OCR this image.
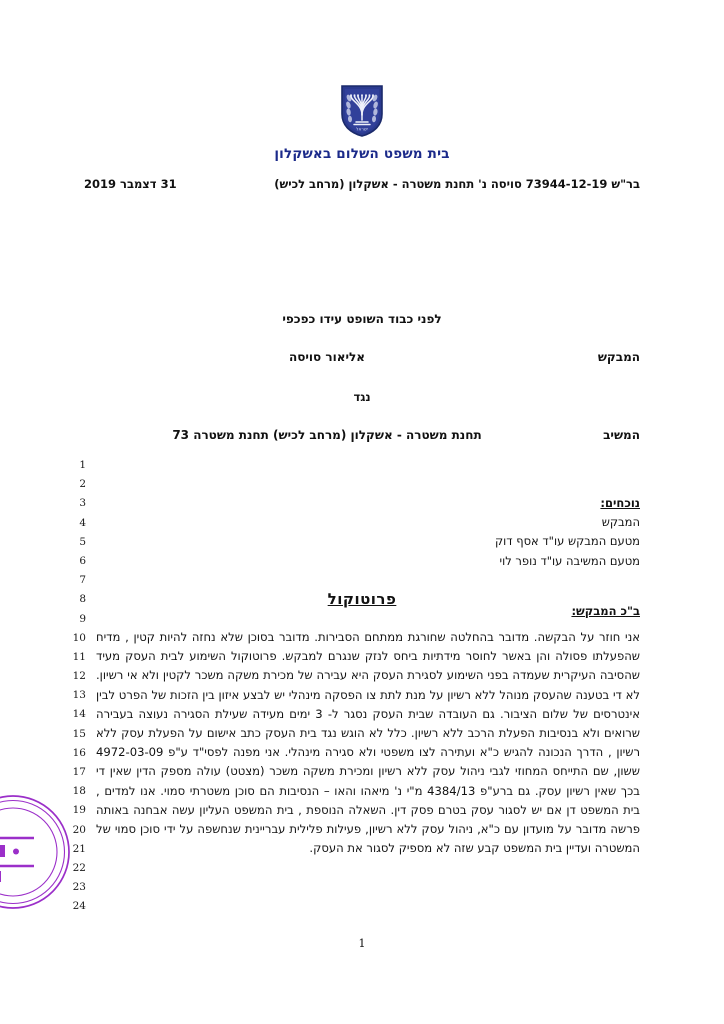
ישראל
בית משפט השלום באשקלון
בר"ש 73944-12-19 סויסה נ' תחנת משטרה - אשקלון (מרחב לכיש)
31 דצמבר 2019
לפני כבוד השופט עידו כפכפי
המבקש
אליאור סויסה
נגד
המשיב
תחנת משטרה - אשקלון (מרחב לכיש) תחנת משטרה 73
1
2
3
4
5
6
7
8
9
10
11
12
13
14
15
16
17
18
19
20
21
22
23
24
נוכחים:
המבקש
מטעם המבקש עו"ד אסף דוק
מטעם המשיבה עו"ד נופר לוי
פרוטוקול
ב"כ המבקש:
אני חוזר על הבקשה. מדובר בהחלטה שחורגת ממתחם הסבירות. מדובר בסוכן שלא נחזה להיות קטין , מדיח שהפעלתו פסולה והן באשר לחוסר מידתיות ביחס לנזק שנגרם למבקש. פרוטוקול השימוע לבית העסק מעיד שהסיבה העיקרית שעמדה בפני השימוע לסגירת העסק היא עבירה של מכירת משקה משכר לקטין ולא אי רשיון. לא די בטענה שהעסק מנוהל ללא רשיון על מנת לתת צו הפסקה מינהלי יש לבצע איזון בין הזכות של הפרט לבין אינטרסים של שלום הציבור. גם העובדה שבית העסק נסגר ל- 3 ימים מעידה שעילת הסגירה נעוצה בעבירה שרואים ולא בנסיבות הפעלת הרכב ללא רשיון. כלל לא הוגש נגד בית העסק כתב אישום על הפעלת עסק ללא רשיון , הדרך הנכונה להגיש כ"א ועתירה לצו משפטי ולא סגירה מינהלי. אני מפנה לפסי"ד ע"פ 4972-03-09 ששון, שם התייחס המחוזי לגבי ניהול עסק ללא רשיון ומכירת משקה משכר (מצטט) עולה מספק הדין שאין די בכך שאין רשיון עסק. גם ברע"פ 4384/13 מ"י נ' מיאהו והאו – הנסיבות הם סוכן משטרתי סמוי. אנו למדים , בית המשפט דן אם יש לסגור עסק בטרם פסק דין. השאלה הנוספת , בית המשפט העליון עשה אבחנה באותה פרשה מדובר על מועדון עם כ"א, ניהול עסק ללא רשיון, פעילות פלילית עבריינית שנחשפה על ידי סוכן סמוי של המשטרה ועדיין בית המשפט קבע שזה לא מספיק לסגור את העסק.
1
